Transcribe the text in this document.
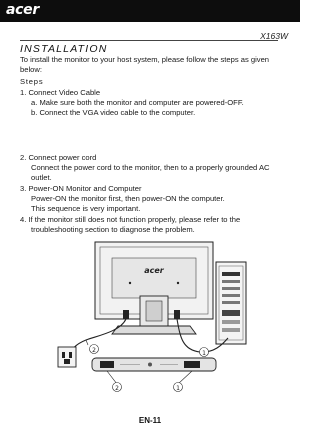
acer
X163W
INSTALLATION
To install the monitor to your host system, please follow the steps as given
below:
Steps
1. Connect Video Cable
a. Make sure both the monitor and computer are powered-OFF.
b. Connect the VGA video cable to the computer.
2. Connect power cord
Connect the power cord to the monitor, then to a properly grounded AC
outlet.
3. Power-ON Monitor and Computer
Power-ON the monitor first, then power-ON the computer.
This sequence is very important.
4. If the monitor still does not function properly, please refer to the
troubleshooting section to diagnose the problem.
acer
2	1
2	1
EN-11
